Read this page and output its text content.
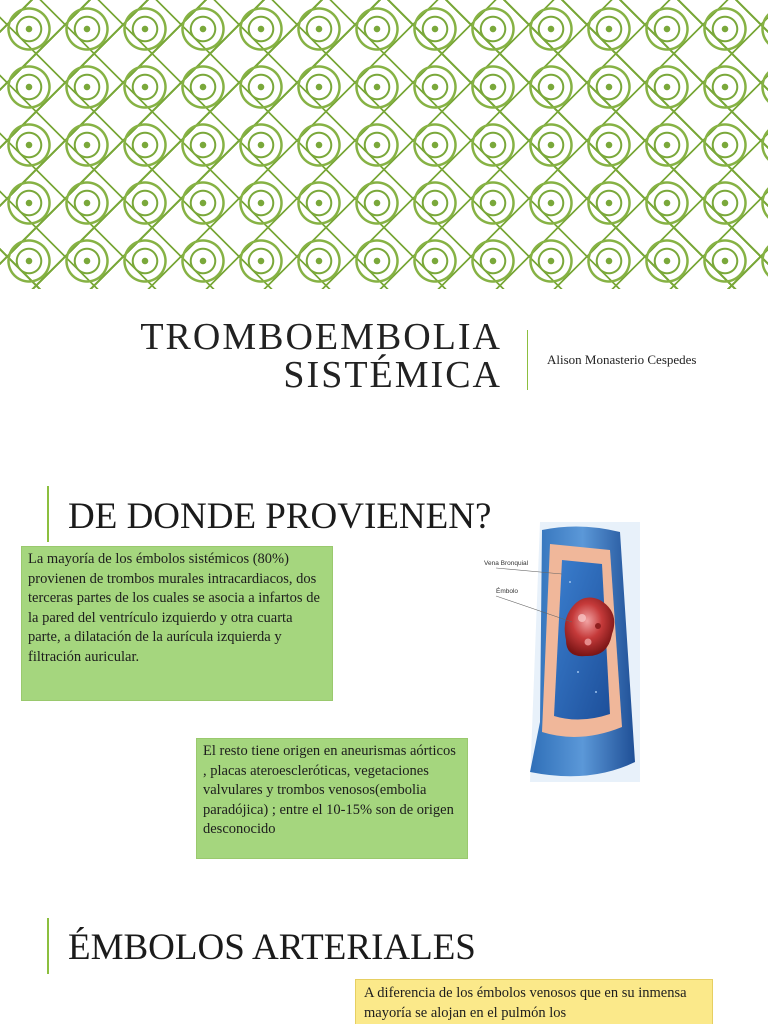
TROMBOEMBOLIA
SISTÉMICA	Alison Monasterio Cespedes
DE DONDE PROVIENEN?
La mayoría de los émbolos sistémicos (80%) provienen de trombos murales intracardiacos, dos terceras partes de los cuales se asocia a infartos de la pared del ventrículo izquierdo y otra cuarta parte, a dilatación de la aurícula izquierda y filtración auricular.
Vena Bronquial
Émbolo
El resto tiene origen en aneurismas aórticos , placas ateroescleróticas, vegetaciones valvulares y trombos venosos(embolia paradójica) ; entre el 10-15% son de origen desconocido
ÉMBOLOS ARTERIALES
A diferencia de los émbolos venosos que en su inmensa mayoría se alojan en el pulmón los
